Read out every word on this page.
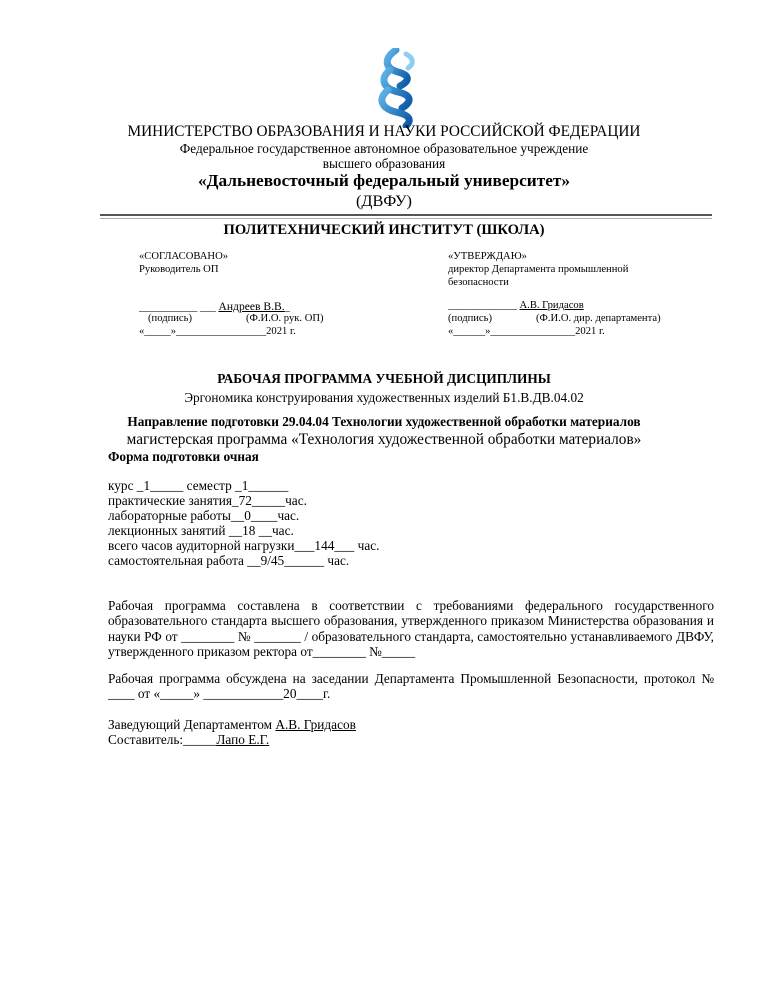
МИНИСТЕРСТВО ОБРАЗОВАНИЯ И НАУКИ РОССИЙСКОЙ ФЕДЕРАЦИИ
Федеральное государственное автономное образовательное учреждение
высшего образования
«Дальневосточный федеральный университет»
(ДВФУ)
ПОЛИТЕХНИЧЕСКИЙ ИНСТИТУТ (ШКОЛА)
«СОГЛАСОВАНО»
Руководитель ОП
___________ ___ Андреев В.В._
(подпись)	(Ф.И.О. рук. ОП)
«_____»_________________2021 г.
«УТВЕРЖДАЮ»
директор Департамента промышленной
безопасности
_____________ А.В. Гридасов
(подпись)	(Ф.И.О. дир. департамента)
«______»________________2021 г.
РАБОЧАЯ ПРОГРАММА УЧЕБНОЙ ДИСЦИПЛИНЫ
Эргономика конструирования художественных изделий Б1.В.ДВ.04.02
Направление подготовки 29.04.04 Технологии художественной обработки материалов
магистерская программа «Технология художественной обработки материалов»
Форма подготовки очная
курс _1_____ семестр _1______
практические занятия_72_____час.
лабораторные работы__0____час.
лекционных занятий __18 __час.
всего часов аудиторной нагрузки___144___ час.
самостоятельная работа __9/45______ час.
Рабочая программа составлена в соответствии с требованиями федерального государственного образовательного стандарта высшего образования, утвержденного приказом Министерства образования и науки РФ от ________ № _______ / образовательного стандарта, самостоятельно устанавливаемого ДВФУ, утвержденного приказом ректора от________ №_____
Рабочая программа обсуждена на заседании Департамента Промышленной Безопасности, протокол № ____ от «_____» ____________20____г.
Заведующий Департаментом А.В. Гридасов
Составитель:_____Лапо Е.Г.
